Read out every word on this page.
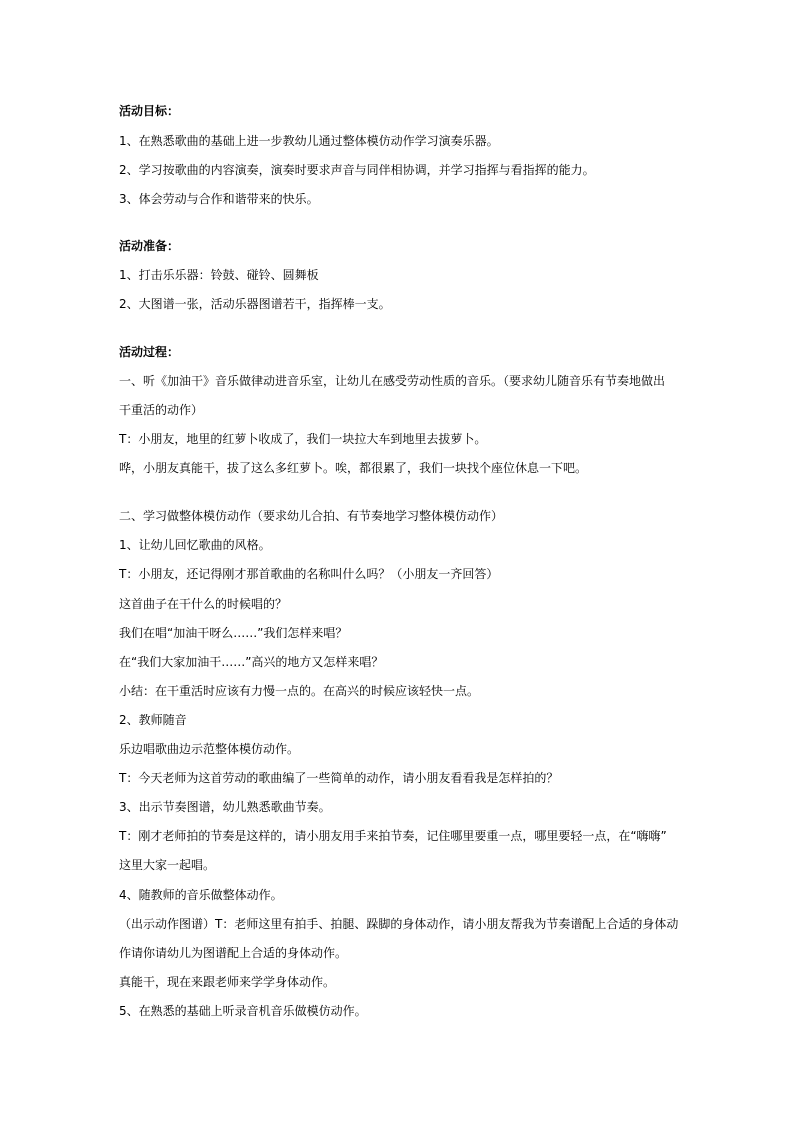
活动目标：
1、在熟悉歌曲的基础上进一步教幼儿通过整体模仿动作学习演奏乐器。
2、学习按歌曲的内容演奏，演奏时要求声音与同伴相协调，并学习指挥与看指挥的能力。
3、体会劳动与合作和谐带来的快乐。
活动准备：
1、打击乐乐器：铃鼓、碰铃、圆舞板
2、大图谱一张，活动乐器图谱若干，指挥棒一支。
活动过程：
一、听《加油干》音乐做律动进音乐室，让幼儿在感受劳动性质的音乐。（要求幼儿随音乐有节奏地做出
干重活的动作）
T：小朋友，地里的红萝卜收成了，我们一块拉大车到地里去拔萝卜。
哗，小朋友真能干，拔了这么多红萝卜。唉，都很累了，我们一块找个座位休息一下吧。
二、学习做整体模仿动作（要求幼儿合拍、有节奏地学习整体模仿动作）
1、让幼儿回忆歌曲的风格。
T：小朋友，还记得刚才那首歌曲的名称叫什么吗？（小朋友一齐回答）
这首曲子在干什么的时候唱的？
我们在唱“加油干呀么……”我们怎样来唱？
在“我们大家加油干……”高兴的地方又怎样来唱？
小结：在干重活时应该有力慢一点的。在高兴的时候应该轻快一点。
2、教师随音
乐边唱歌曲边示范整体模仿动作。
T：今天老师为这首劳动的歌曲编了一些简单的动作，请小朋友看看我是怎样拍的？
3、出示节奏图谱，幼儿熟悉歌曲节奏。
T：刚才老师拍的节奏是这样的，请小朋友用手来拍节奏，记住哪里要重一点，哪里要轻一点，在“嗨嗨”
这里大家一起唱。
4、随教师的音乐做整体动作。
（出示动作图谱）T：老师这里有拍手、拍腿、跺脚的身体动作，请小朋友帮我为节奏谱配上合适的身体动
作请你请幼儿为图谱配上合适的身体动作。
真能干，现在来跟老师来学学身体动作。
5、在熟悉的基础上听录音机音乐做模仿动作。
